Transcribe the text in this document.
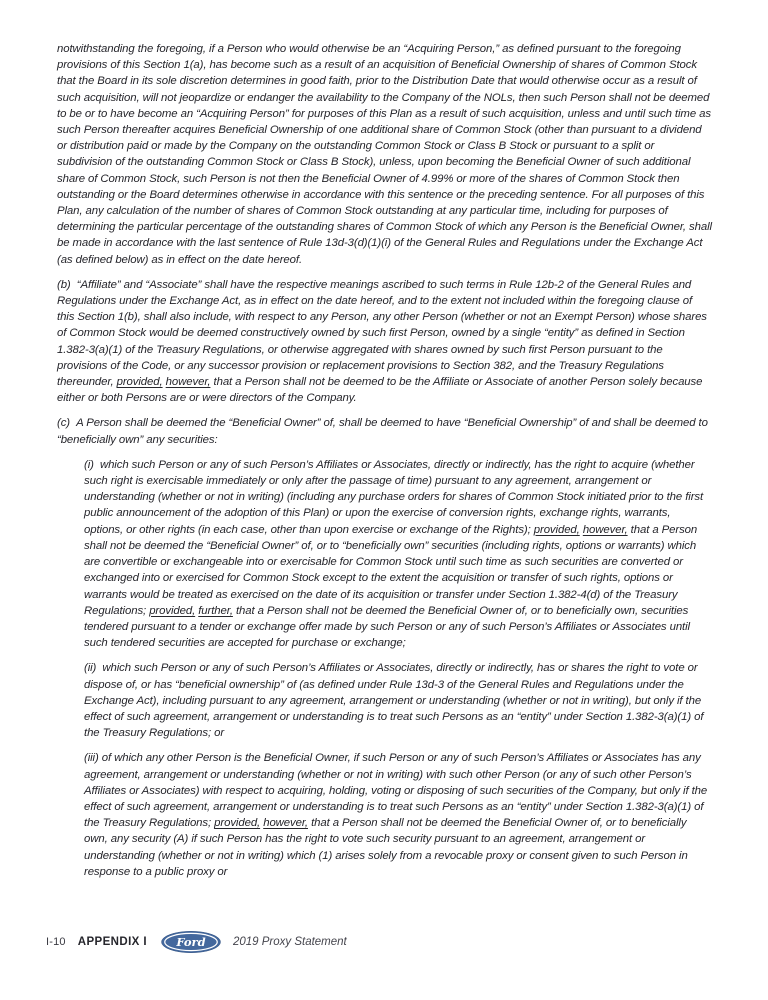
notwithstanding the foregoing, if a Person who would otherwise be an “Acquiring Person,” as defined pursuant to the foregoing provisions of this Section 1(a), has become such as a result of an acquisition of Beneficial Ownership of shares of Common Stock that the Board in its sole discretion determines in good faith, prior to the Distribution Date that would otherwise occur as a result of such acquisition, will not jeopardize or endanger the availability to the Company of the NOLs, then such Person shall not be deemed to be or to have become an “Acquiring Person” for purposes of this Plan as a result of such acquisition, unless and until such time as such Person thereafter acquires Beneficial Ownership of one additional share of Common Stock (other than pursuant to a dividend or distribution paid or made by the Company on the outstanding Common Stock or Class B Stock or pursuant to a split or subdivision of the outstanding Common Stock or Class B Stock), unless, upon becoming the Beneficial Owner of such additional share of Common Stock, such Person is not then the Beneficial Owner of 4.99% or more of the shares of Common Stock then outstanding or the Board determines otherwise in accordance with this sentence or the preceding sentence. For all purposes of this Plan, any calculation of the number of shares of Common Stock outstanding at any particular time, including for purposes of determining the particular percentage of the outstanding shares of Common Stock of which any Person is the Beneficial Owner, shall be made in accordance with the last sentence of Rule 13d-3(d)(1)(i) of the General Rules and Regulations under the Exchange Act (as defined below) as in effect on the date hereof.

(b)  “Affiliate” and “Associate” shall have the respective meanings ascribed to such terms in Rule 12b-2 of the General Rules and Regulations under the Exchange Act, as in effect on the date hereof, and to the extent not included within the foregoing clause of this Section 1(b), shall also include, with respect to any Person, any other Person (whether or not an Exempt Person) whose shares of Common Stock would be deemed constructively owned by such first Person, owned by a single “entity” as defined in Section 1.382-3(a)(1) of the Treasury Regulations, or otherwise aggregated with shares owned by such first Person pursuant to the provisions of the Code, or any successor provision or replacement provisions to Section 382, and the Treasury Regulations thereunder, provided, however, that a Person shall not be deemed to be the Affiliate or Associate of another Person solely because either or both Persons are or were directors of the Company.

(c)  A Person shall be deemed the “Beneficial Owner” of, shall be deemed to have “Beneficial Ownership” of and shall be deemed to “beneficially own” any securities:

(i)  which such Person or any of such Person’s Affiliates or Associates, directly or indirectly, has the right to acquire (whether such right is exercisable immediately or only after the passage of time) pursuant to any agreement, arrangement or understanding (whether or not in writing) (including any purchase orders for shares of Common Stock initiated prior to the first public announcement of the adoption of this Plan) or upon the exercise of conversion rights, exchange rights, warrants, options, or other rights (in each case, other than upon exercise or exchange of the Rights); provided, however, that a Person shall not be deemed the “Beneficial Owner” of, or to “beneficially own” securities (including rights, options or warrants) which are convertible or exchangeable into or exercisable for Common Stock until such time as such securities are converted or exchanged into or exercised for Common Stock except to the extent the acquisition or transfer of such rights, options or warrants would be treated as exercised on the date of its acquisition or transfer under Section 1.382-4(d) of the Treasury Regulations; provided, further, that a Person shall not be deemed the Beneficial Owner of, or to beneficially own, securities tendered pursuant to a tender or exchange offer made by such Person or any of such Person’s Affiliates or Associates until such tendered securities are accepted for purchase or exchange;

(ii)  which such Person or any of such Person’s Affiliates or Associates, directly or indirectly, has or shares the right to vote or dispose of, or has “beneficial ownership” of (as defined under Rule 13d-3 of the General Rules and Regulations under the Exchange Act), including pursuant to any agreement, arrangement or understanding (whether or not in writing), but only if the effect of such agreement, arrangement or understanding is to treat such Persons as an “entity” under Section 1.382-3(a)(1) of the Treasury Regulations; or

(iii) of which any other Person is the Beneficial Owner, if such Person or any of such Person’s Affiliates or Associates has any agreement, arrangement or understanding (whether or not in writing) with such other Person (or any of such other Person’s Affiliates or Associates) with respect to acquiring, holding, voting or disposing of such securities of the Company, but only if the effect of such agreement, arrangement or understanding is to treat such Persons as an “entity” under Section 1.382-3(a)(1) of the Treasury Regulations; provided, however, that a Person shall not be deemed the Beneficial Owner of, or to beneficially own, any security (A) if such Person has the right to vote such security pursuant to an agreement, arrangement or understanding (whether or not in writing) which (1) arises solely from a revocable proxy or consent given to such Person in response to a public proxy or

I-10 APPENDIX I Ford 2019 Proxy Statement
